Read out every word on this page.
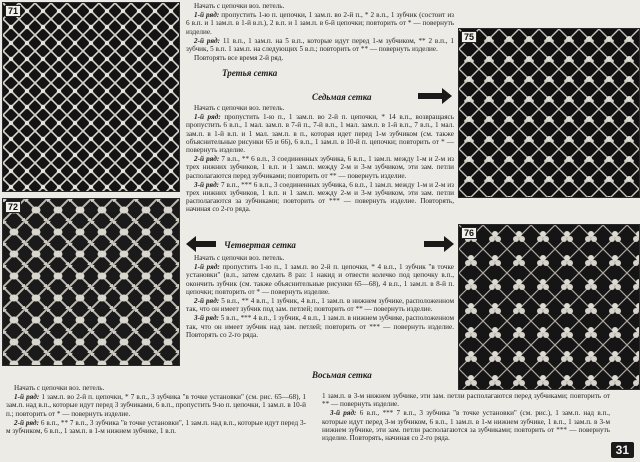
71
72
75
76

Начать с цепочки воз. петель.

1-й ряд: пропустить 1-ю п. цепочки, 1 зам.п. во 2-й п., * 2 в.п., 1 зубчик (состоит из 6 в.п. и 1 зам.п. в 1-й в.п.), 2 в.п. и 1 зам.п. в 6-й цепочки; повторить от * — повернуть изделие.

2-й ряд: 11 в.п., 1 зам.п. на 5 в.п., которые идут перед 1-м зубчиком, ** 2 в.п., 1 зубчик, 5 в.п. 1 зам.п. на следующих 5 в.п.; повторить от ** — повернуть изделие.

Повторять все время 2-й ряд.

Третья сетка
Седьмая сетка

Начать с цепочки воз. петель.

1-й ряд: пропустить 1-ю п., 1 зам.п. во 2-й п. цепочки, * 14 в.п., возвращаясь пропустить 6 в.п., 1 мал. зам.п. в 7-й п., 7-й в.п., 1 мал. зам.п. в 1-й в.п., 7 в.п., 1 мал. зам.п. в 1-й в.п. и 1 мал. зам.п. в п., которая идет перед 1-м зубчиком (см. также объяснительные рисунки 65 и 66), 6 в.п., 1 зам.п. в 10-й п. цепочки; повторить от * — повернуть изделие.

2-й ряд: 7 в.п., ** 6 в.п., 3 соединенных зубчика, 6 в.п., 1 зам.п. между 1-м и 2-м из трех нижних зубчиков, 1 в.п. и 1 зам.п. между 2-м и 3-м зубчиком, эти зам. петли располагаются перед зубчиками; повторить от ** — повернуть изделие.

3-й ряд: 7 в.п., *** 6 в.п., 3 соединенных зубчика, 6 в.п., 1 зам.п. между 1-м и 2-м из трех нижних зубчиков, 1 в.п. и 1 зам.п. между 2-м и 3-м зубчиком, эти зам. петли располагаются за зубчиками; повторить от *** — повернуть изделие. Повторять, начиная со 2-го ряда.

Четвертая сетка

Начать с цепочки воз. петель.

1-й ряд: пропустить 1-ю п., 1 зам.п. во 2-й п. цепочки, * 4 в.п., 1 зубчик "в точке установки" (в.п., затем сделать 8 раз: 1 накид и отвести колечко под цепочку в.п., окончить зубчик (см. также объяснительные рисунки 65—68), 4 в.п., 1 зам.п. в 8-й п. цепочки; повторить от * — повернуть изделие.

2-й ряд: 5 в.п., ** 4 в.п., 1 зубчик, 4 в.п., 1 зам.п. в нижнем зубчике, расположенном так, что он имеет зубчик под зам. петлей; повторить от ** — повернуть изделие.

3-й ряд: 5 в.п., *** 4 в.п., 1 зубчик, 4 в.п., 1 зам.п. в нижнем зубчике, расположенном так, что он имеет зубчик над зам. петлей; повторить от *** — повернуть изделие. Повторять со 2-го ряда.

Восьмая сетка

Начать с цепочки воз. петель.

1-й ряд: 1 зам.п. во 2-й п. цепочки, * 7 в.п., 3 зубчика "в точке установки" (см. рис. 65—68), 1 зам.п. над в.п., которые идут перед 3 зубчиками, 6 в.п., пропустить 9-ю п. цепочки, 1 зам.п. в 10-й п.; повторить от * — повернуть изделие.

2-й ряд: 6 в.п., ** 7 в.п., 3 зубчика "в точке установки", 1 зам.п. над в.п., которые идут перед 3-м зубчиком, 6 в.п., 1 зам.п. в 1-м нижнем зубчике, 1 в.п.

1 зам.п. в 3-м нижнем зубчике, эти зам. петли располагаются перед зубчиками; повторить от ** — повернуть изделие.

3-й ряд: 6 в.п., *** 7 в.п., 3 зубчика "в точке установки" (см. рис.), 1 зам.п. над в.п., которые идут перед 3-м зубчиком, 6 в.п., 1 зам.п. в 1-м нижнем зубчике, 1 в.п., 1 зам.п. в 3-м нижнем зубчике, эти зам. петли располагаются за зубчиками; повторить от *** — повернуть изделие. Повторять, начиная со 2-го ряда.

31
